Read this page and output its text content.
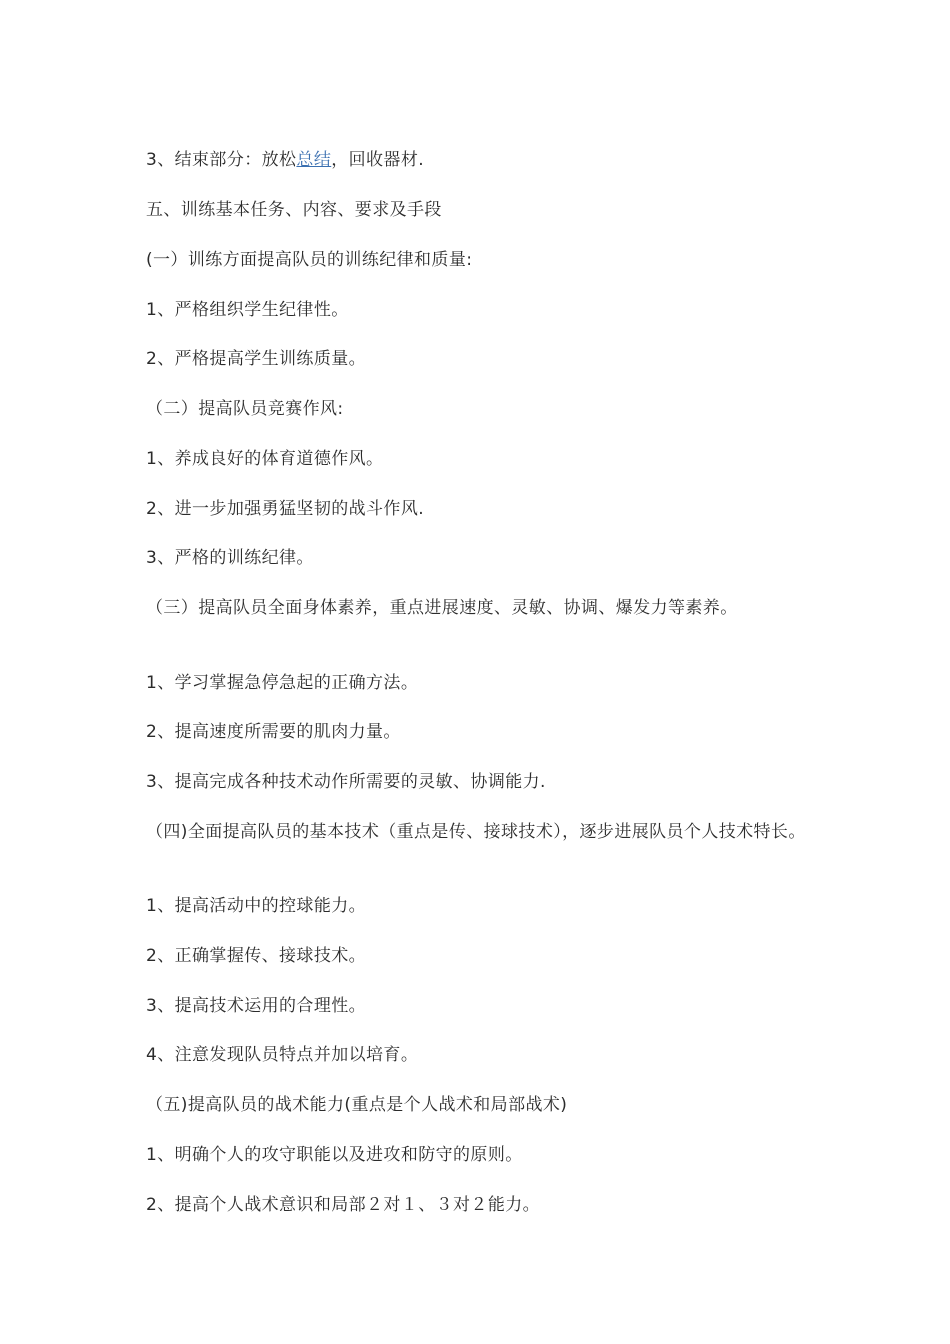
3、结束部分：放松总结，回收器材.

五、训练基本任务、内容、要求及手段

(一）训练方面提高队员的训练纪律和质量:

1、严格组织学生纪律性。

2、严格提高学生训练质量。

（二）提高队员竞赛作风:

1、养成良好的体育道德作风。

2、进一步加强勇猛坚韧的战斗作风.

3、严格的训练纪律。

（三）提高队员全面身体素养，重点进展速度、灵敏、协调、爆发力等素养。

1、学习掌握急停急起的正确方法。

2、提高速度所需要的肌肉力量。

3、提高完成各种技术动作所需要的灵敏、协调能力.

（四)全面提高队员的基本技术（重点是传、接球技术），逐步进展队员个人技术特长。

1、提高活动中的控球能力。

2、正确掌握传、接球技术。

3、提高技术运用的合理性。

4、注意发现队员特点并加以培育。

（五)提高队员的战术能力(重点是个人战术和局部战术)

1、明确个人的攻守职能以及进攻和防守的原则。

2、提高个人战术意识和局部２对１、３对２能力。
